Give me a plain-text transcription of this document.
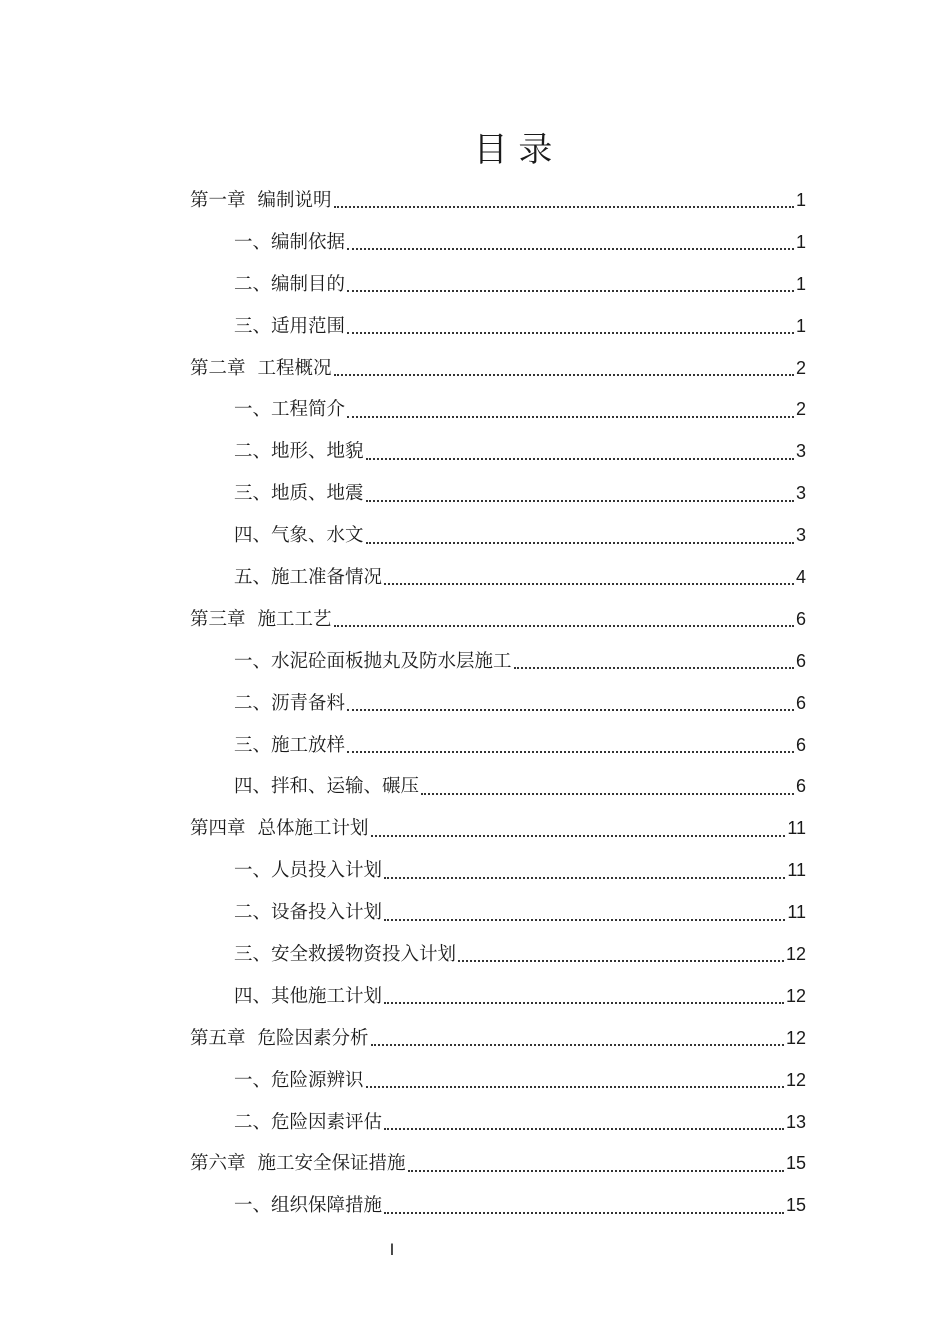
目 录
第一章 编制说明	1
一、编制依据	1
二、编制目的	1
三、适用范围	1
第二章 工程概况	2
一、工程简介	2
二、地形、地貌	3
三、地质、地震	3
四、气象、水文	3
五、施工准备情况	4
第三章 施工工艺	6
一、水泥砼面板抛丸及防水层施工	6
二、沥青备料	6
三、施工放样	6
四、拌和、运输、碾压	6
第四章 总体施工计划	11
一、人员投入计划	11
二、设备投入计划	11
三、安全救援物资投入计划	12
四、其他施工计划	12
第五章 危险因素分析	12
一、危险源辨识	12
二、危险因素评估	13
第六章 施工安全保证措施	15
一、组织保障措施	15
I
